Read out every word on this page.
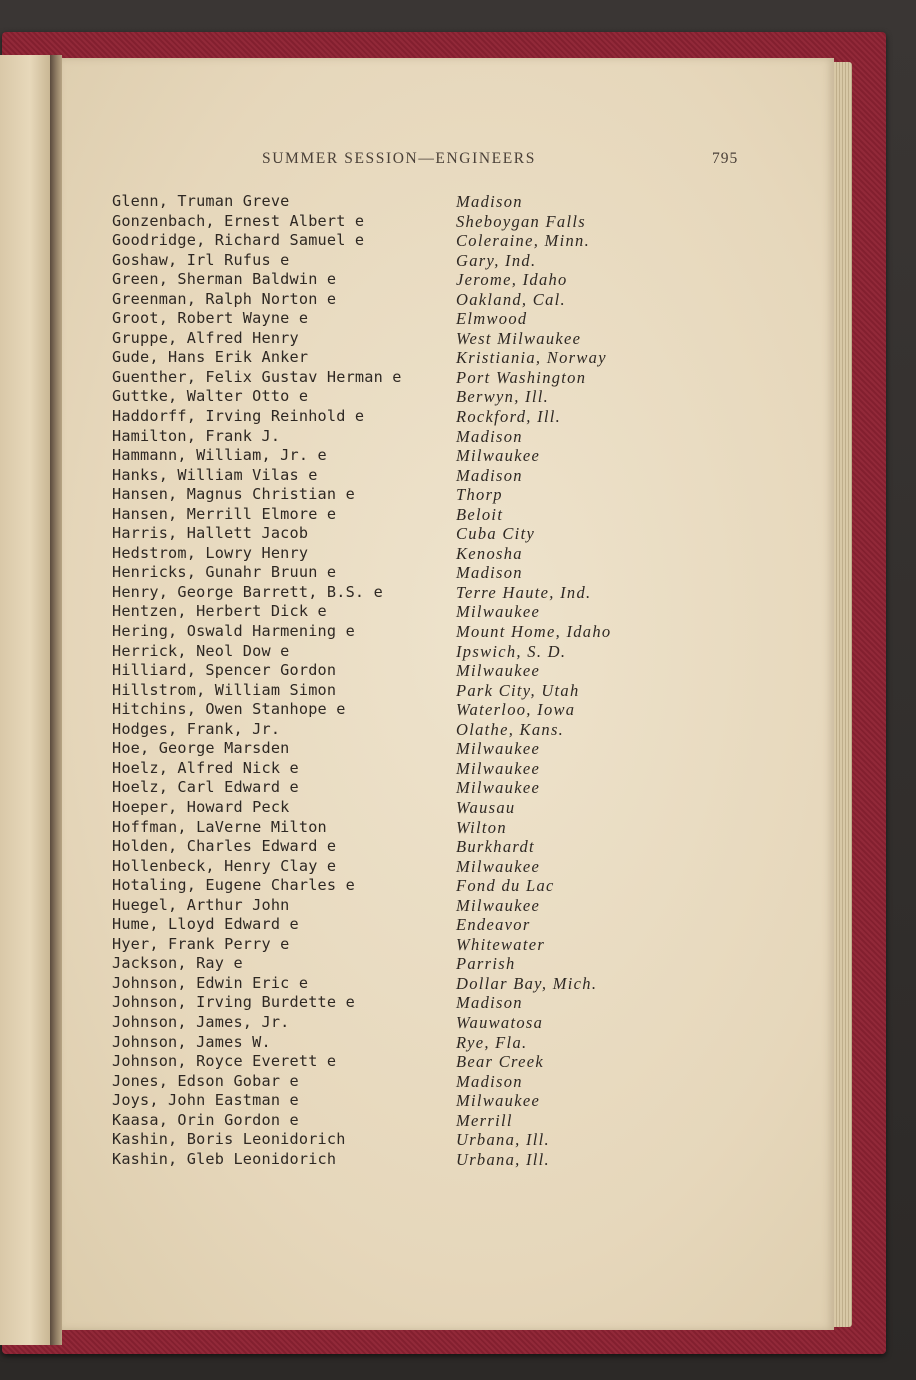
SUMMER SESSION—ENGINEERS	795
Glenn, Truman Greve	Madison
Gonzenbach, Ernest Albert e	Sheboygan Falls
Goodridge, Richard Samuel e	Coleraine, Minn.
Goshaw, Irl Rufus e	Gary, Ind.
Green, Sherman Baldwin e	Jerome, Idaho
Greenman, Ralph Norton e	Oakland, Cal.
Groot, Robert Wayne e	Elmwood
Gruppe, Alfred Henry	West Milwaukee
Gude, Hans Erik Anker	Kristiania, Norway
Guenther, Felix Gustav Herman e	Port Washington
Guttke, Walter Otto e	Berwyn, Ill.
Haddorff, Irving Reinhold e	Rockford, Ill.
Hamilton, Frank J.	Madison
Hammann, William, Jr. e	Milwaukee
Hanks, William Vilas e	Madison
Hansen, Magnus Christian e	Thorp
Hansen, Merrill Elmore e	Beloit
Harris, Hallett Jacob	Cuba City
Hedstrom, Lowry Henry	Kenosha
Henricks, Gunahr Bruun e	Madison
Henry, George Barrett, B.S. e	Terre Haute, Ind.
Hentzen, Herbert Dick e	Milwaukee
Hering, Oswald Harmening e	Mount Home, Idaho
Herrick, Neol Dow e	Ipswich, S. D.
Hilliard, Spencer Gordon	Milwaukee
Hillstrom, William Simon	Park City, Utah
Hitchins, Owen Stanhope e	Waterloo, Iowa
Hodges, Frank, Jr.	Olathe, Kans.
Hoe, George Marsden	Milwaukee
Hoelz, Alfred Nick e	Milwaukee
Hoelz, Carl Edward e	Milwaukee
Hoeper, Howard Peck	Wausau
Hoffman, LaVerne Milton	Wilton
Holden, Charles Edward e	Burkhardt
Hollenbeck, Henry Clay e	Milwaukee
Hotaling, Eugene Charles e	Fond du Lac
Huegel, Arthur John	Milwaukee
Hume, Lloyd Edward e	Endeavor
Hyer, Frank Perry e	Whitewater
Jackson, Ray e	Parrish
Johnson, Edwin Eric e	Dollar Bay, Mich.
Johnson, Irving Burdette e	Madison
Johnson, James, Jr.	Wauwatosa
Johnson, James W.	Rye, Fla.
Johnson, Royce Everett e	Bear Creek
Jones, Edson Gobar e	Madison
Joys, John Eastman e	Milwaukee
Kaasa, Orin Gordon e	Merrill
Kashin, Boris Leonidorich	Urbana, Ill.
Kashin, Gleb Leonidorich	Urbana, Ill.
